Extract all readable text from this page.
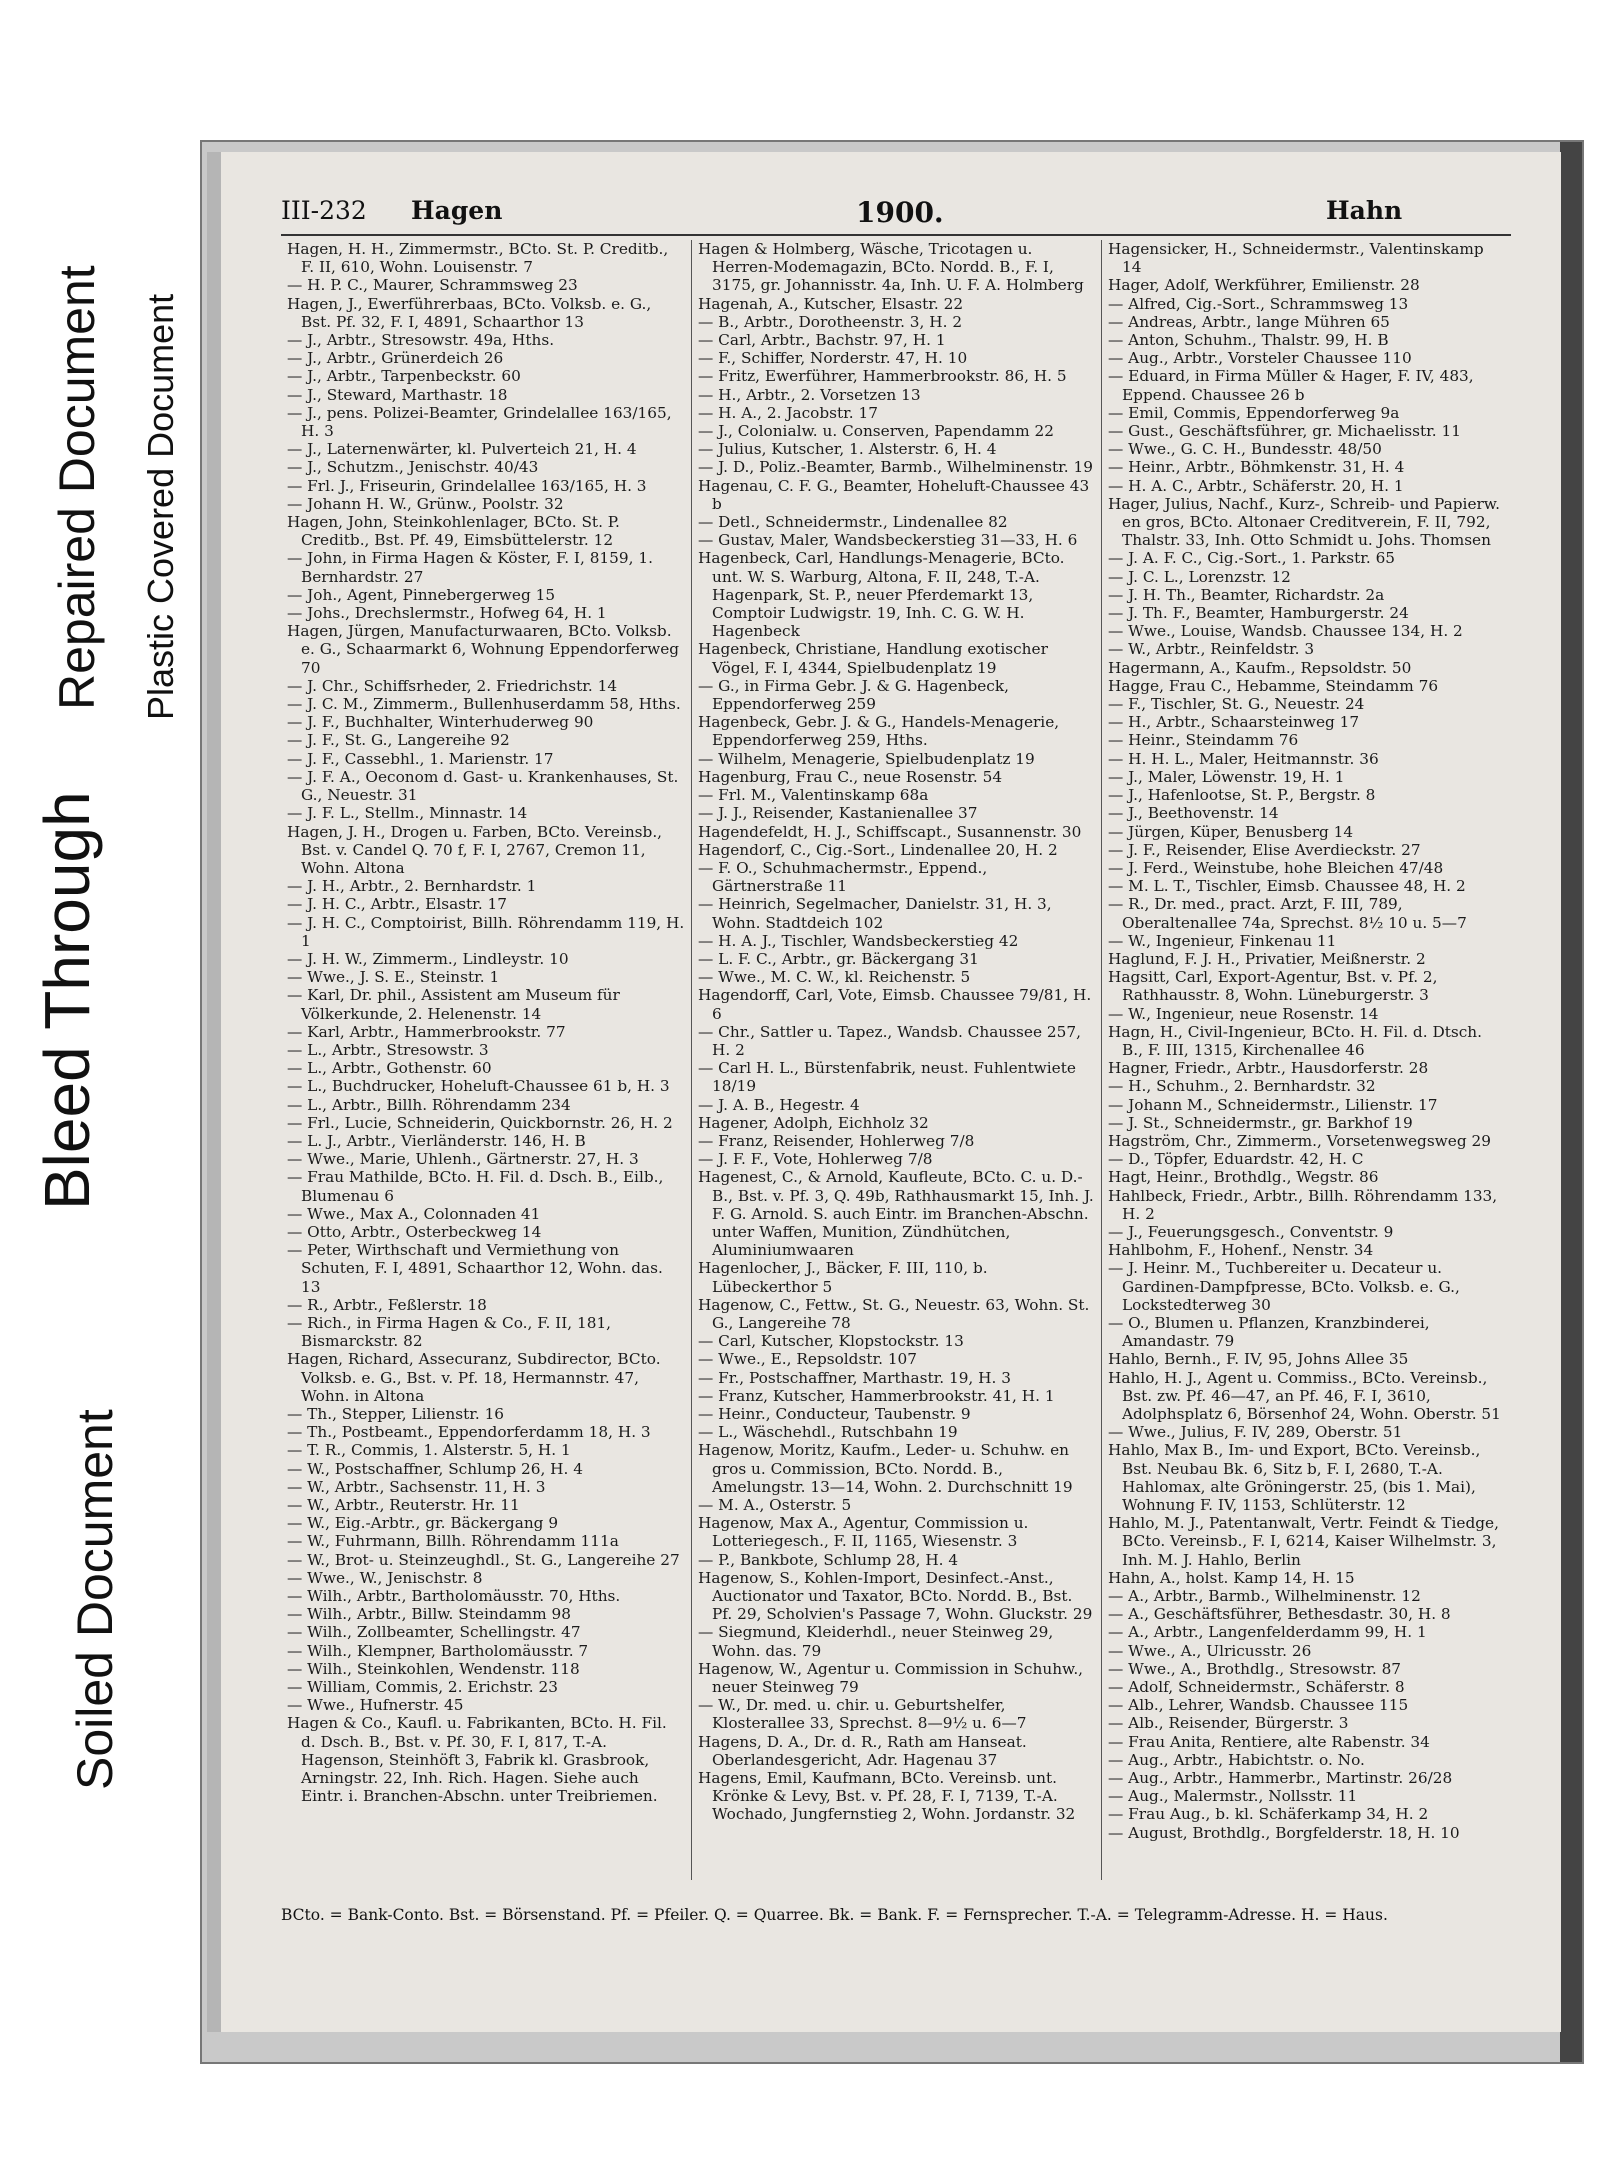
Soiled Document
Bleed Through
Repaired Document Plastic Covered Document
III-232 Hagen	1900.	Hahn

Hagen, H. H., Zimmermstr., BCto. St. P. Creditb., F. II, 610, Wohn. Louisenstr. 7

— H. P. C., Maurer, Schrammsweg 23

Hagen, J., Ewerführerbaas, BCto. Volksb. e. G., Bst. Pf. 32, F. I, 4891, Schaarthor 13

— J., Arbtr., Stresowstr. 49a, Hths.

— J., Arbtr., Grünerdeich 26

— J., Arbtr., Tarpenbeckstr. 60

— J., Steward, Marthastr. 18

— J., pens. Polizei-Beamter, Grindelallee 163/165, H. 3

— J., Laternenwärter, kl. Pulverteich 21, H. 4

— J., Schutzm., Jenischstr. 40/43

— Frl. J., Friseurin, Grindelallee 163/165, H. 3

— Johann H. W., Grünw., Poolstr. 32

Hagen, John, Steinkohlenlager, BCto. St. P. Creditb., Bst. Pf. 49, Eimsbüttelerstr. 12

— John, in Firma Hagen & Köster, F. I, 8159, 1. Bernhardstr. 27

— Joh., Agent, Pinnebergerweg 15

— Johs., Drechslermstr., Hofweg 64, H. 1

Hagen, Jürgen, Manufacturwaaren, BCto. Volksb. e. G., Schaarmarkt 6, Wohnung Eppendorferweg 70

— J. Chr., Schiffsrheder, 2. Friedrichstr. 14

— J. C. M., Zimmerm., Bullenhuserdamm 58, Hths.

— J. F., Buchhalter, Winterhuderweg 90

— J. F., St. G., Langereihe 92

— J. F., Cassebhl., 1. Marienstr. 17

— J. F. A., Oeconom d. Gast- u. Krankenhauses, St. G., Neuestr. 31

— J. F. L., Stellm., Minnastr. 14

Hagen, J. H., Drogen u. Farben, BCto. Vereinsb., Bst. v. Candel Q. 70 f, F. I, 2767, Cremon 11, Wohn. Altona

— J. H., Arbtr., 2. Bernhardstr. 1

— J. H. C., Arbtr., Elsastr. 17

— J. H. C., Comptoirist, Billh. Röhrendamm 119, H. 1

— J. H. W., Zimmerm., Lindleystr. 10

— Wwe., J. S. E., Steinstr. 1

— Karl, Dr. phil., Assistent am Museum für Völkerkunde, 2. Helenenstr. 14

— Karl, Arbtr., Hammerbrookstr. 77

— L., Arbtr., Stresowstr. 3

— L., Arbtr., Gothenstr. 60

— L., Buchdrucker, Hoheluft-Chaussee 61 b, H. 3

— L., Arbtr., Billh. Röhrendamm 234

— Frl., Lucie, Schneiderin, Quickbornstr. 26, H. 2

— L. J., Arbtr., Vierländerstr. 146, H. B

— Wwe., Marie, Uhlenh., Gärtnerstr. 27, H. 3

— Frau Mathilde, BCto. H. Fil. d. Dsch. B., Eilb., Blumenau 6

— Wwe., Max A., Colonnaden 41

— Otto, Arbtr., Osterbeckweg 14

— Peter, Wirthschaft und Vermiethung von Schuten, F. I, 4891, Schaarthor 12, Wohn. das. 13

— R., Arbtr., Feßlerstr. 18

— Rich., in Firma Hagen & Co., F. II, 181, Bismarckstr. 82

Hagen, Richard, Assecuranz, Subdirector, BCto. Volksb. e. G., Bst. v. Pf. 18, Hermannstr. 47, Wohn. in Altona

— Th., Stepper, Lilienstr. 16

— Th., Postbeamt., Eppendorferdamm 18, H. 3

— T. R., Commis, 1. Alsterstr. 5, H. 1

— W., Postschaffner, Schlump 26, H. 4

— W., Arbtr., Sachsenstr. 11, H. 3

— W., Arbtr., Reuterstr. Hr. 11

— W., Eig.-Arbtr., gr. Bäckergang 9

— W., Fuhrmann, Billh. Röhrendamm 111a

— W., Brot- u. Steinzeughdl., St. G., Langereihe 27

— Wwe., W., Jenischstr. 8

— Wilh., Arbtr., Bartholomäusstr. 70, Hths.

— Wilh., Arbtr., Billw. Steindamm 98

— Wilh., Zollbeamter, Schellingstr. 47

— Wilh., Klempner, Bartholomäusstr. 7

— Wilh., Steinkohlen, Wendenstr. 118

— William, Commis, 2. Erichstr. 23

— Wwe., Hufnerstr. 45

Hagen & Co., Kaufl. u. Fabrikanten, BCto. H. Fil. d. Dsch. B., Bst. v. Pf. 30, F. I, 817, T.-A. Hagenson, Steinhöft 3, Fabrik kl. Grasbrook, Arningstr. 22, Inh. Rich. Hagen. Siehe auch Eintr. i. Branchen-Abschn. unter Treibriemen.

Hagen & Holmberg, Wäsche, Tricotagen u. Herren-Modemagazin, BCto. Nordd. B., F. I, 3175, gr. Johannisstr. 4a, Inh. U. F. A. Holmberg

Hagenah, A., Kutscher, Elsastr. 22

— B., Arbtr., Dorotheenstr. 3, H. 2

— Carl, Arbtr., Bachstr. 97, H. 1

— F., Schiffer, Norderstr. 47, H. 10

— Fritz, Ewerführer, Hammerbrookstr. 86, H. 5

— H., Arbtr., 2. Vorsetzen 13

— H. A., 2. Jacobstr. 17

— J., Colonialw. u. Conserven, Papendamm 22

— Julius, Kutscher, 1. Alsterstr. 6, H. 4

— J. D., Poliz.-Beamter, Barmb., Wilhelminenstr. 19

Hagenau, C. F. G., Beamter, Hoheluft-Chaussee 43 b

— Detl., Schneidermstr., Lindenallee 82

— Gustav, Maler, Wandsbeckerstieg 31—33, H. 6

Hagenbeck, Carl, Handlungs-Menagerie, BCto. unt. W. S. Warburg, Altona, F. II, 248, T.-A. Hagenpark, St. P., neuer Pferdemarkt 13, Comptoir Ludwigstr. 19, Inh. C. G. W. H. Hagenbeck

Hagenbeck, Christiane, Handlung exotischer Vögel, F. I, 4344, Spielbudenplatz 19

— G., in Firma Gebr. J. & G. Hagenbeck, Eppendorferweg 259

Hagenbeck, Gebr. J. & G., Handels-Menagerie, Eppendorferweg 259, Hths.

— Wilhelm, Menagerie, Spielbudenplatz 19

Hagenburg, Frau C., neue Rosenstr. 54

— Frl. M., Valentinskamp 68a

— J. J., Reisender, Kastanienallee 37

Hagendefeldt, H. J., Schiffscapt., Susannenstr. 30

Hagendorf, C., Cig.-Sort., Lindenallee 20, H. 2

— F. O., Schuhmachermstr., Eppend., Gärtnerstraße 11

— Heinrich, Segelmacher, Danielstr. 31, H. 3, Wohn. Stadtdeich 102

— H. A. J., Tischler, Wandsbeckerstieg 42

— L. F. C., Arbtr., gr. Bäckergang 31

— Wwe., M. C. W., kl. Reichenstr. 5

Hagendorff, Carl, Vote, Eimsb. Chaussee 79/81, H. 6

— Chr., Sattler u. Tapez., Wandsb. Chaussee 257, H. 2

— Carl H. L., Bürstenfabrik, neust. Fuhlentwiete 18/19

— J. A. B., Hegestr. 4

Hagener, Adolph, Eichholz 32

— Franz, Reisender, Hohlerweg 7/8

— J. F. F., Vote, Hohlerweg 7/8

Hagenest, C., & Arnold, Kaufleute, BCto. C. u. D.-B., Bst. v. Pf. 3, Q. 49b, Rathhausmarkt 15, Inh. J. F. G. Arnold. S. auch Eintr. im Branchen-Abschn. unter Waffen, Munition, Zündhütchen, Aluminiumwaaren

Hagenlocher, J., Bäcker, F. III, 110, b. Lübeckerthor 5

Hagenow, C., Fettw., St. G., Neuestr. 63, Wohn. St. G., Langereihe 78

— Carl, Kutscher, Klopstockstr. 13

— Wwe., E., Repsoldstr. 107

— Fr., Postschaffner, Marthastr. 19, H. 3

— Franz, Kutscher, Hammerbrookstr. 41, H. 1

— Heinr., Conducteur, Taubenstr. 9

— L., Wäschehdl., Rutschbahn 19

Hagenow, Moritz, Kaufm., Leder- u. Schuhw. en gros u. Commission, BCto. Nordd. B., Amelungstr. 13—14, Wohn. 2. Durchschnitt 19

— M. A., Osterstr. 5

Hagenow, Max A., Agentur, Commission u. Lotteriegesch., F. II, 1165, Wiesenstr. 3

— P., Bankbote, Schlump 28, H. 4

Hagenow, S., Kohlen-Import, Desinfect.-Anst., Auctionator und Taxator, BCto. Nordd. B., Bst. Pf. 29, Scholvien's Passage 7, Wohn. Gluckstr. 29

— Siegmund, Kleiderhdl., neuer Steinweg 29, Wohn. das. 79

Hagenow, W., Agentur u. Commission in Schuhw., neuer Steinweg 79

— W., Dr. med. u. chir. u. Geburtshelfer, Klosterallee 33, Sprechst. 8—9½ u. 6—7

Hagens, D. A., Dr. d. R., Rath am Hanseat. Oberlandesgericht, Adr. Hagenau 37

Hagens, Emil, Kaufmann, BCto. Vereinsb. unt. Krönke & Levy, Bst. v. Pf. 28, F. I, 7139, T.-A. Wochado, Jungfernstieg 2, Wohn. Jordanstr. 32

Hagensicker, H., Schneidermstr., Valentinskamp 14

Hager, Adolf, Werkführer, Emilienstr. 28

— Alfred, Cig.-Sort., Schrammsweg 13

— Andreas, Arbtr., lange Mühren 65

— Anton, Schuhm., Thalstr. 99, H. B

— Aug., Arbtr., Vorsteler Chaussee 110

— Eduard, in Firma Müller & Hager, F. IV, 483, Eppend. Chaussee 26 b

— Emil, Commis, Eppendorferweg 9a

— Gust., Geschäftsführer, gr. Michaelisstr. 11

— Wwe., G. C. H., Bundesstr. 48/50

— Heinr., Arbtr., Böhmkenstr. 31, H. 4

— H. A. C., Arbtr., Schäferstr. 20, H. 1

Hager, Julius, Nachf., Kurz-, Schreib- und Papierw. en gros, BCto. Altonaer Creditverein, F. II, 792, Thalstr. 33, Inh. Otto Schmidt u. Johs. Thomsen

— J. A. F. C., Cig.-Sort., 1. Parkstr. 65

— J. C. L., Lorenzstr. 12

— J. H. Th., Beamter, Richardstr. 2a

— J. Th. F., Beamter, Hamburgerstr. 24

— Wwe., Louise, Wandsb. Chaussee 134, H. 2

— W., Arbtr., Reinfeldstr. 3

Hagermann, A., Kaufm., Repsoldstr. 50

Hagge, Frau C., Hebamme, Steindamm 76

— F., Tischler, St. G., Neuestr. 24

— H., Arbtr., Schaarsteinweg 17

— Heinr., Steindamm 76

— H. H. L., Maler, Heitmannstr. 36

— J., Maler, Löwenstr. 19, H. 1

— J., Hafenlootse, St. P., Bergstr. 8

— J., Beethovenstr. 14

— Jürgen, Küper, Benusberg 14

— J. F., Reisender, Elise Averdieckstr. 27

— J. Ferd., Weinstube, hohe Bleichen 47/48

— M. L. T., Tischler, Eimsb. Chaussee 48, H. 2

— R., Dr. med., pract. Arzt, F. III, 789, Oberaltenallee 74a, Sprechst. 8½ 10 u. 5—7

— W., Ingenieur, Finkenau 11

Haglund, F. J. H., Privatier, Meißnerstr. 2

Hagsitt, Carl, Export-Agentur, Bst. v. Pf. 2, Rathhausstr. 8, Wohn. Lüneburgerstr. 3

— W., Ingenieur, neue Rosenstr. 14

Hagn, H., Civil-Ingenieur, BCto. H. Fil. d. Dtsch. B., F. III, 1315, Kirchenallee 46

Hagner, Friedr., Arbtr., Hausdorferstr. 28

— H., Schuhm., 2. Bernhardstr. 32

— Johann M., Schneidermstr., Lilienstr. 17

— J. St., Schneidermstr., gr. Barkhof 19

Hagström, Chr., Zimmerm., Vorsetenwegsweg 29

— D., Töpfer, Eduardstr. 42, H. C

Hagt, Heinr., Brothdlg., Wegstr. 86

Hahlbeck, Friedr., Arbtr., Billh. Röhrendamm 133, H. 2

— J., Feuerungsgesch., Conventstr. 9

Hahlbohm, F., Hohenf., Nenstr. 34

— J. Heinr. M., Tuchbereiter u. Decateur u. Gardinen-Dampfpresse, BCto. Volksb. e. G., Lockstedterweg 30

— O., Blumen u. Pflanzen, Kranzbinderei, Amandastr. 79

Hahlo, Bernh., F. IV, 95, Johns Allee 35

Hahlo, H. J., Agent u. Commiss., BCto. Vereinsb., Bst. zw. Pf. 46—47, an Pf. 46, F. I, 3610, Adolphsplatz 6, Börsenhof 24, Wohn. Oberstr. 51

— Wwe., Julius, F. IV, 289, Oberstr. 51

Hahlo, Max B., Im- und Export, BCto. Vereinsb., Bst. Neubau Bk. 6, Sitz b, F. I, 2680, T.-A. Hahlomax, alte Gröningerstr. 25, (bis 1. Mai), Wohnung F. IV, 1153, Schlüterstr. 12

Hahlo, M. J., Patentanwalt, Vertr. Feindt & Tiedge, BCto. Vereinsb., F. I, 6214, Kaiser Wilhelmstr. 3, Inh. M. J. Hahlo, Berlin

Hahn, A., holst. Kamp 14, H. 15

— A., Arbtr., Barmb., Wilhelminenstr. 12

— A., Geschäftsführer, Bethesdastr. 30, H. 8

— A., Arbtr., Langenfelderdamm 99, H. 1

— Wwe., A., Ulricusstr. 26

— Wwe., A., Brothdlg., Stresowstr. 87

— Adolf, Schneidermstr., Schäferstr. 8

— Alb., Lehrer, Wandsb. Chaussee 115

— Alb., Reisender, Bürgerstr. 3

— Frau Anita, Rentiere, alte Rabenstr. 34

— Aug., Arbtr., Habichtstr. o. No.

— Aug., Arbtr., Hammerbr., Martinstr. 26/28

— Aug., Malermstr., Nollsstr. 11

— Frau Aug., b. kl. Schäferkamp 34, H. 2

— August, Brothdlg., Borgfelderstr. 18, H. 10

BCto. = Bank-Conto. Bst. = Börsenstand. Pf. = Pfeiler. Q. = Quarree. Bk. = Bank. F. = Fernsprecher. T.-A. = Telegramm-Adresse. H. = Haus.
